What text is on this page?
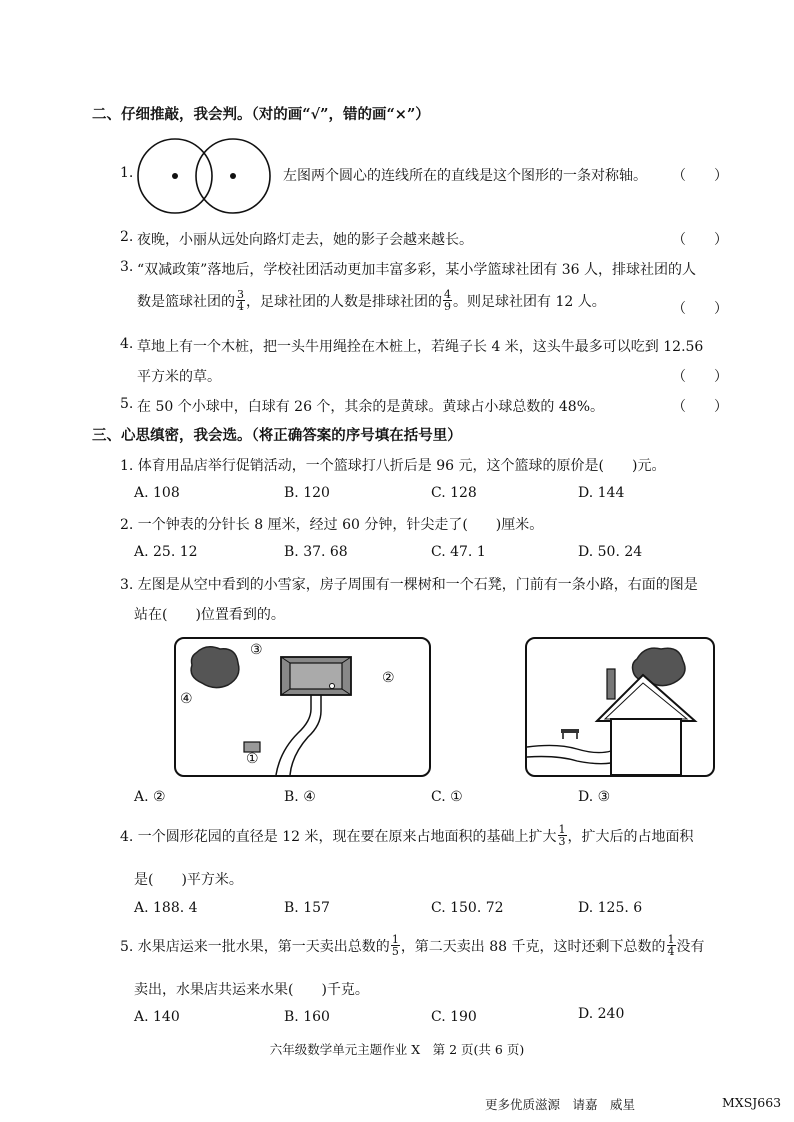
二、仔细推敲，我会判。（对的画“√”，错的画“×”）
1.	左图两个圆心的连线所在的直线是这个图形的一条对称轴。 （　　）
2. 夜晚，小丽从远处向路灯走去，她的影子会越来越长。	（　　）
3. “双减政策”落地后，学校社团活动更加丰富多彩，某小学篮球社团有 36 人，排球社团的人
数是篮球社团的 $\frac{3}{4}$ ，足球社团的人数是排球社团的 $\frac{4}{9}$ 。则足球社团有 12 人。	（　　）
4. 草地上有一个木桩，把一头牛用绳拴在木桩上，若绳子长 4 米，这头牛最多可以吃到 12.56
平方米的草。	（　　）
5. 在 50 个小球中，白球有 26 个，其余的是黄球。黄球占小球总数的 48%。	（　　）
三、心思缜密，我会选。（将正确答案的序号填在括号里）
1. 体育用品店举行促销活动，一个篮球打八折后是 96 元，这个篮球的原价是(　　)元。
A. 108	B. 120	C. 128	D. 144
2. 一个钟表的分针长 8 厘米，经过 60 分钟，针尖走了(　　)厘米。
A. 25. 12	B. 37. 68	C. 47. 1	D. 50. 24
3. 左图是从空中看到的小雪家，房子周围有一棵树和一个石凳，门前有一条小路，右面的图是
站在(　　)位置看到的。
①
②
③
④
A. ②	B. ④	C. ①	D. ③
4. 一个圆形花园的直径是 12 米，现在要在原来占地面积的基础上扩大 $\frac{1}{3}$ ，扩大后的占地面积
是(　　)平方米。
A. 188. 4	B. 157	C. 150. 72	D. 125. 6
5. 水果店运来一批水果，第一天卖出总数的 $\frac{1}{5}$ ，第二天卖出 88 千克，这时还剩下总数的 $\frac{1}{4}$ 没有
卖出，水果店共运来水果(　　)千克。
A. 140	B. 160	C. 190	D. 240
六年级数学单元主题作业 X　第 2 页(共 6 页)
更多优质滋源　请嘉　威星	MXSJ663
